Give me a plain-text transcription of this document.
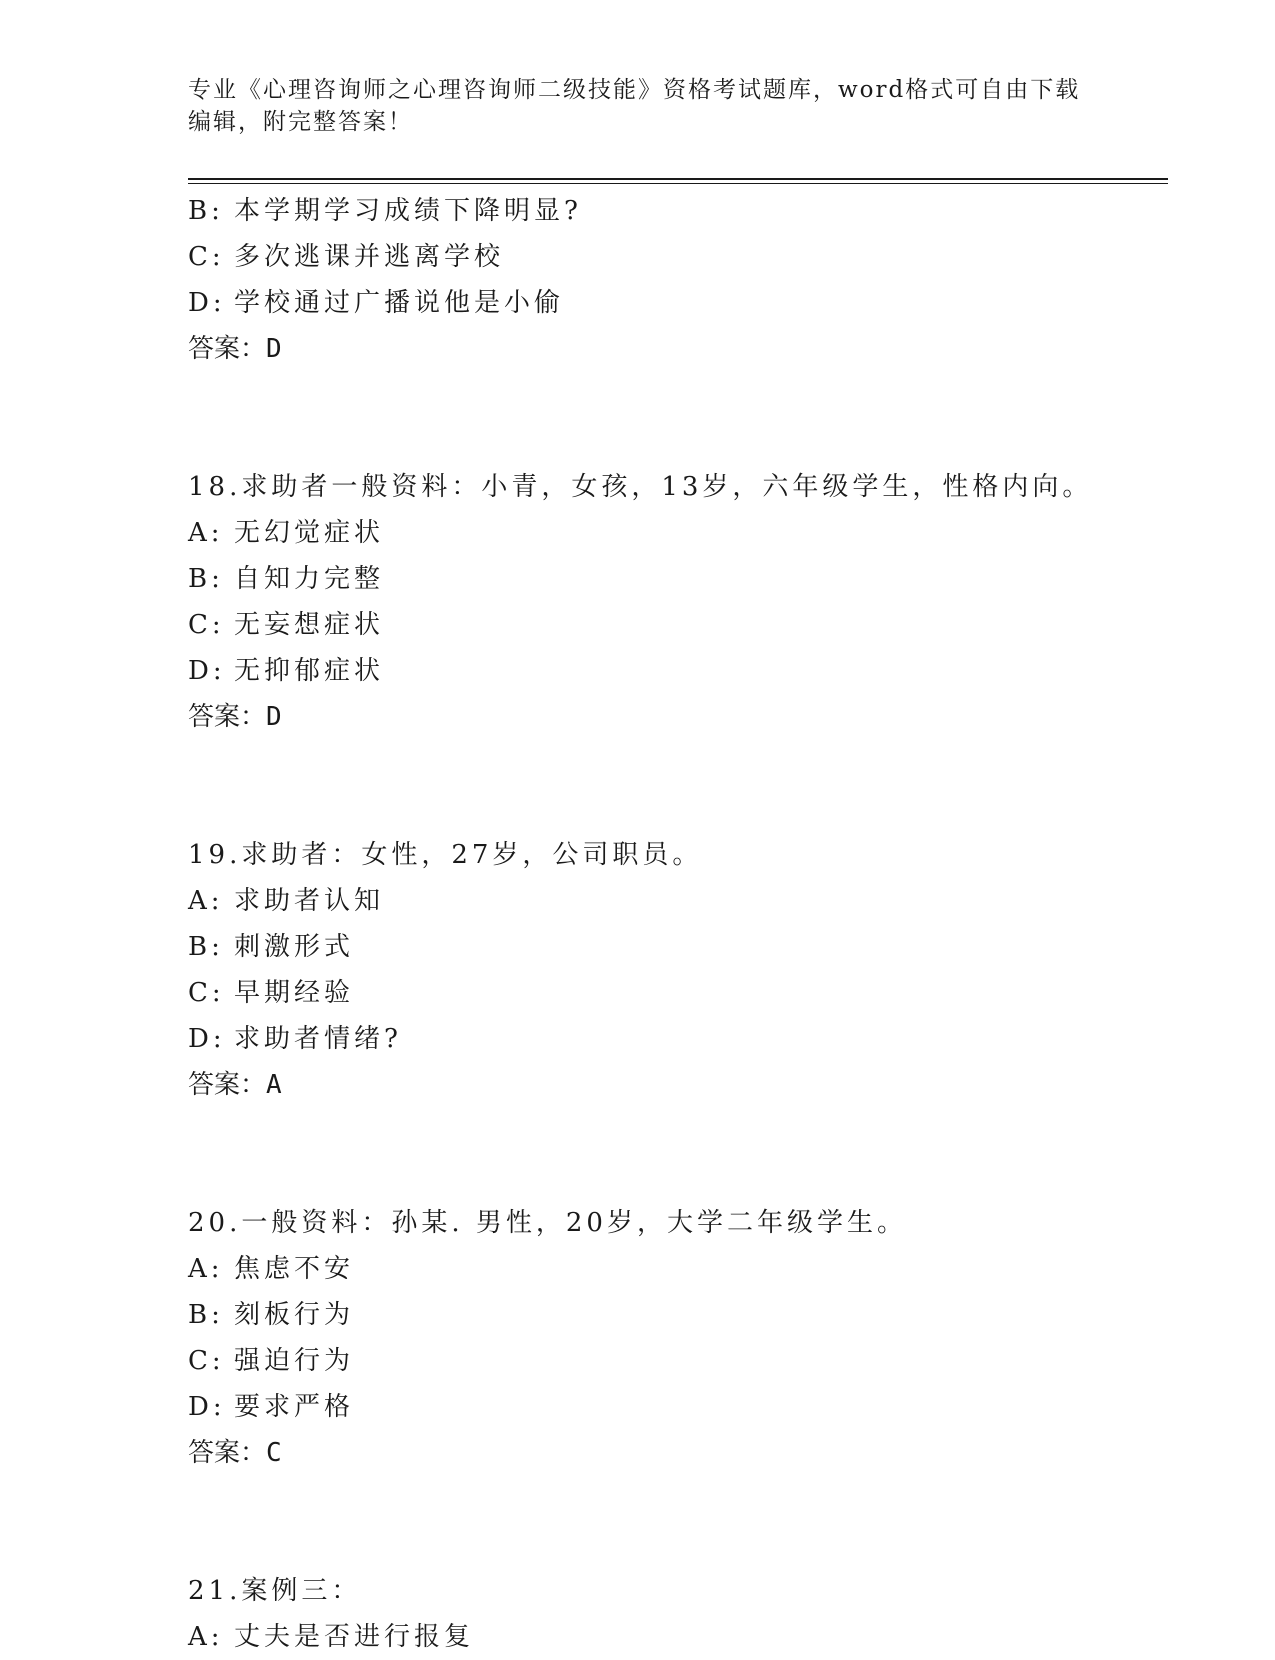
专业《心理咨询师之心理咨询师二级技能》资格考试题库，word格式可自由下载
编辑，附完整答案！
B: 本学期学习成绩下降明显?
C: 多次逃课并逃离学校
D: 学校通过广播说他是小偷
答案：D
18.求助者一般资料：小青，女孩，13岁，六年级学生，性格内向。
A: 无幻觉症状
B: 自知力完整
C: 无妄想症状
D: 无抑郁症状
答案：D
19.求助者：女性，27岁，公司职员。
A: 求助者认知
B: 刺激形式
C: 早期经验
D: 求助者情绪?
答案：A
20.一般资料：孙某. 男性，20岁，大学二年级学生。
A: 焦虑不安
B: 刻板行为
C: 强迫行为
D: 要求严格
答案：C
21.案例三：
A: 丈夫是否进行报复
